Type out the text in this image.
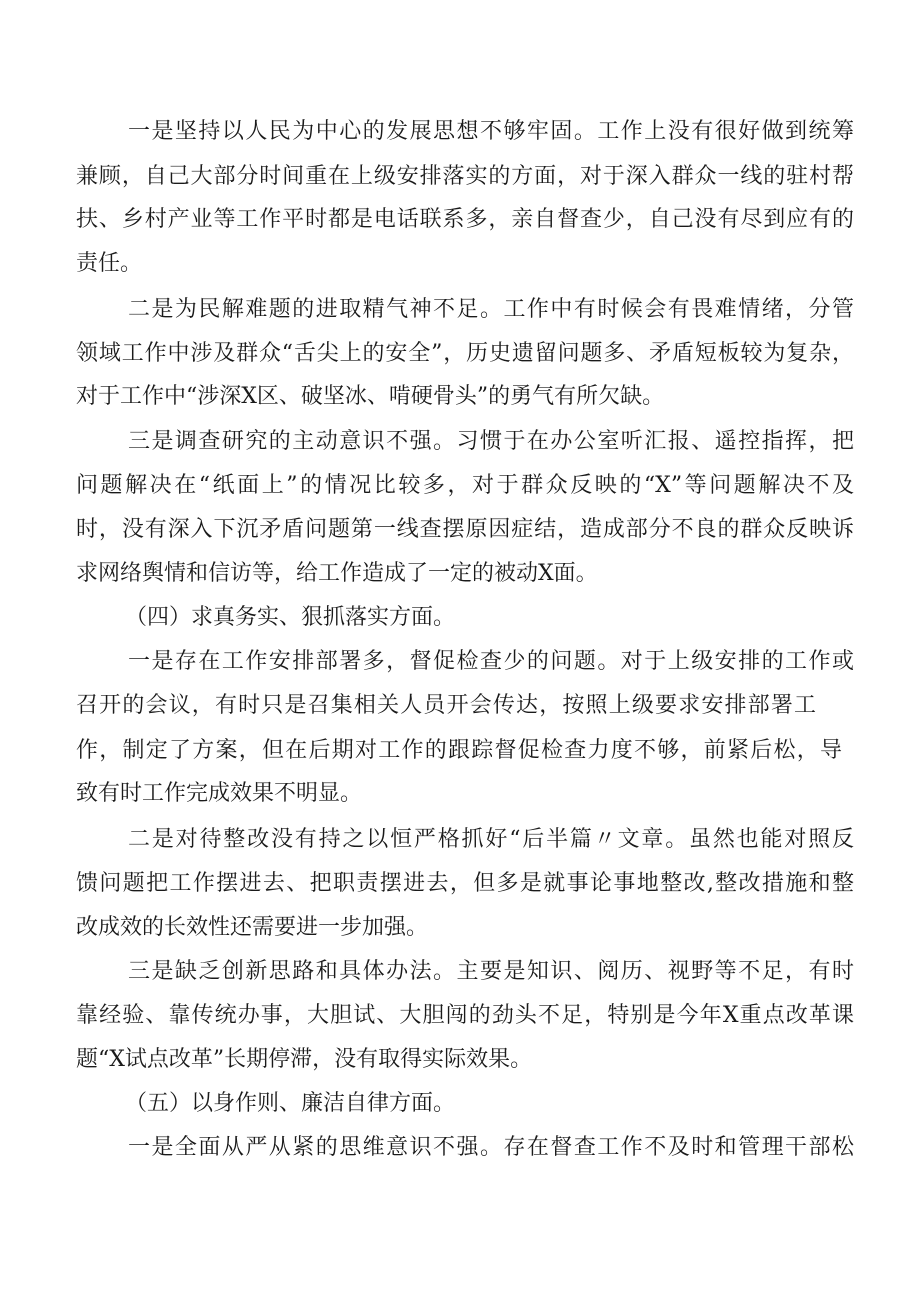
一是坚持以人民为中心的发展思想不够牢固。工作上没有很好做到统筹
兼顾，自己大部分时间重在上级安排落实的方面，对于深入群众一线的驻村帮
扶、乡村产业等工作平时都是电话联系多，亲自督查少，自己没有尽到应有的
责任。
二是为民解难题的进取精气神不足。工作中有时候会有畏难情绪，分管
领域工作中涉及群众“舌尖上的安全”，历史遗留问题多、矛盾短板较为复杂，
对于工作中“涉深X区、破坚冰、啃硬骨头”的勇气有所欠缺。
三是调查研究的主动意识不强。习惯于在办公室听汇报、遥控指挥，把
问题解决在“纸面上”的情况比较多，对于群众反映的“X”等问题解决不及
时，没有深入下沉矛盾问题第一线查摆原因症结，造成部分不良的群众反映诉
求网络舆情和信访等，给工作造成了一定的被动X面。
（四）求真务实、狠抓落实方面。
一是存在工作安排部署多，督促检查少的问题。对于上级安排的工作或
召开的会议，有时只是召集相关人员开会传达，按照上级要求安排部署工
作，制定了方案，但在后期对工作的跟踪督促检查力度不够，前紧后松，导
致有时工作完成效果不明显。
二是对待整改没有持之以恒严格抓好“后半篇〃文章。虽然也能对照反
馈问题把工作摆进去、把职责摆进去，但多是就事论事地整改,整改措施和整
改成效的长效性还需要进一步加强。
三是缺乏创新思路和具体办法。主要是知识、阅历、视野等不足，有时
靠经验、靠传统办事，大胆试、大胆闯的劲头不足，特别是今年X重点改革课
题“X试点改革”长期停滞，没有取得实际效果。
（五）以身作则、廉洁自律方面。
一是全面从严从紧的思维意识不强。存在督查工作不及时和管理干部松
